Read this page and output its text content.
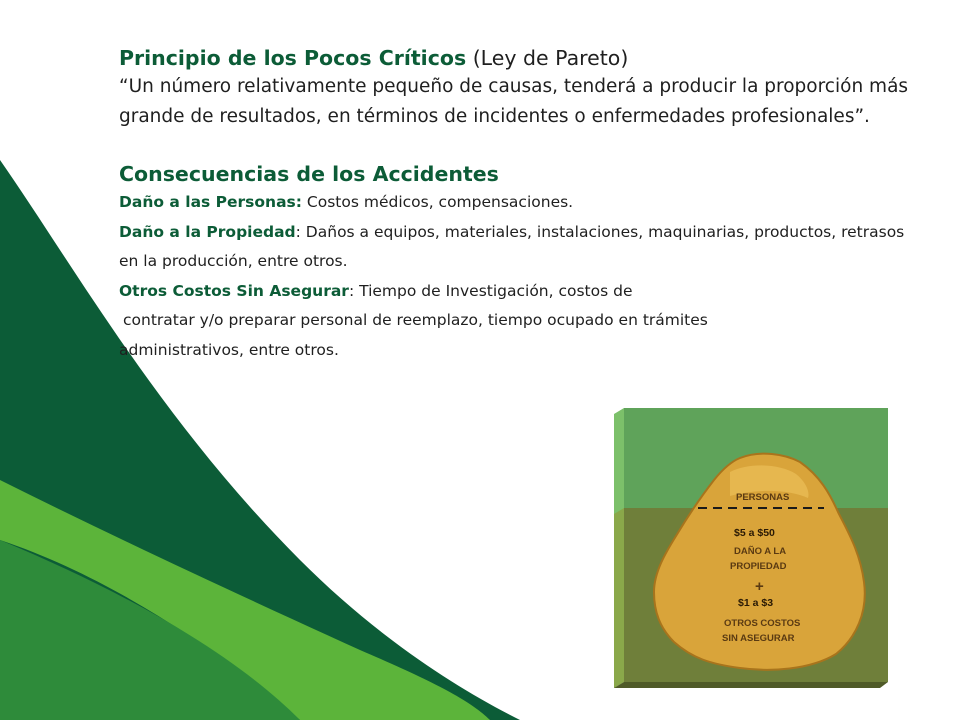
Principio de los Pocos Críticos (Ley de Pareto)

“Un número relativamente pequeño de causas, tenderá a producir la proporción más grande de resultados, en términos de incidentes o enfermedades profesionales”.

Consecuencias de los Accidentes

Daño a las Personas: Costos médicos, compensaciones.

Daño a la Propiedad: Daños a equipos, materiales, instalaciones, maquinarias, productos, retrasos en la producción, entre otros.

Otros Costos Sin Asegurar: Tiempo de Investigación, costos de

contratar y/o preparar personal de reemplazo, tiempo ocupado en trámites

administrativos, entre otros.

PERSONAS
$5 a $50
DAÑO A LA
PROPIEDAD
+
$1 a $3
OTROS COSTOS
SIN ASEGURAR
